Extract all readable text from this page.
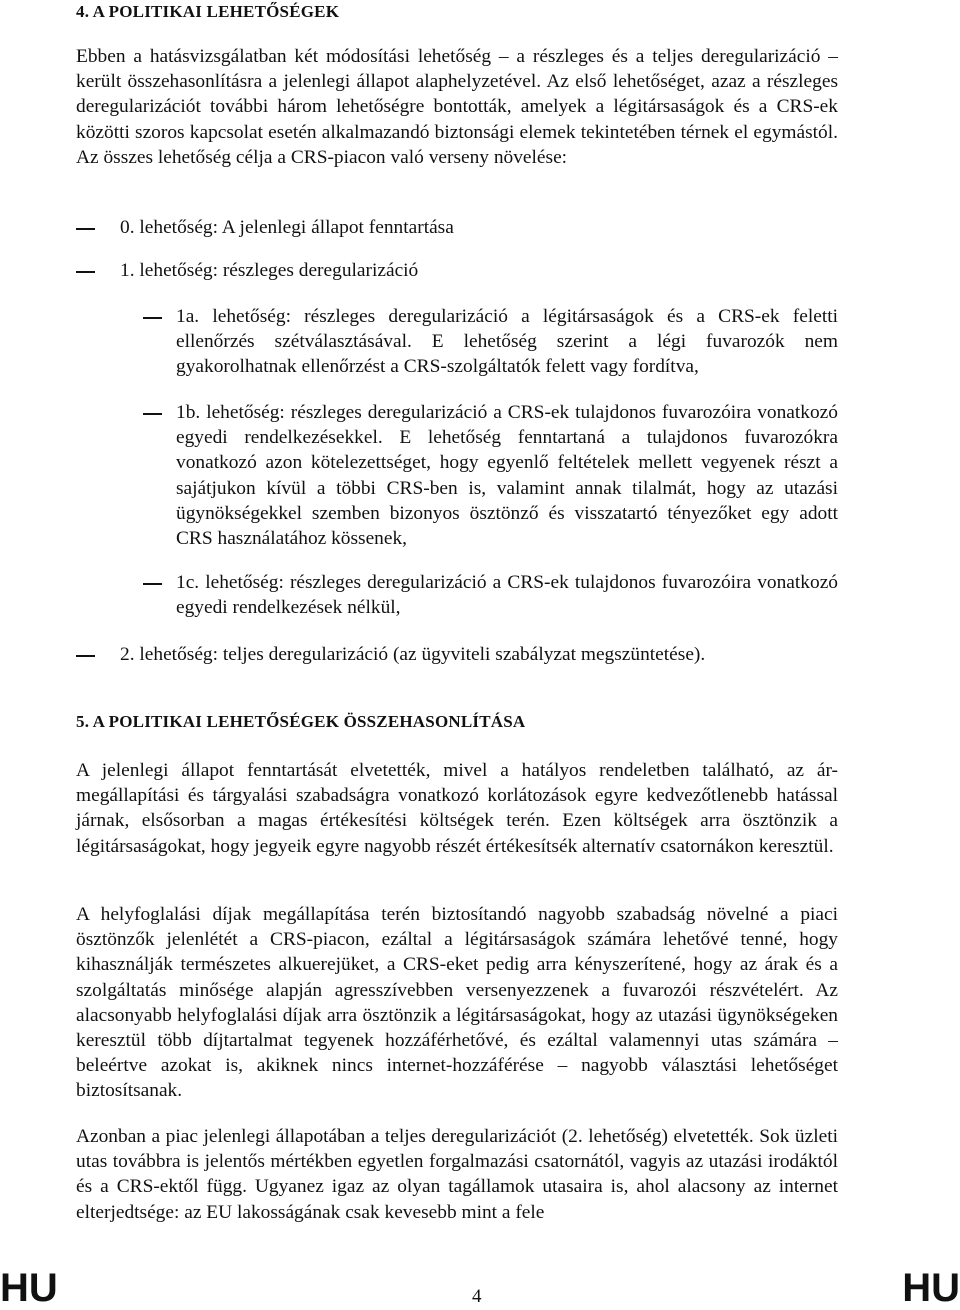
4. A POLITIKAI LEHETŐSÉGEK

Ebben a hatásvizsgálatban két módosítási lehetőség – a részleges és a teljes deregularizáció – került összehasonlításra a jelenlegi állapot alaphelyzetével. Az első lehetőséget, azaz a részleges deregularizációt további három lehetőségre bontották, amelyek a légitársaságok és a CRS-ek közötti szoros kapcsolat esetén alkalmazandó biztonsági elemek tekintetében térnek el egymástól. Az összes lehetőség célja a CRS-piacon való verseny növelése:

0. lehetőség: A jelenlegi állapot fenntartása
1. lehetőség: részleges deregularizáció
1a. lehetőség: részleges deregularizáció a légitársaságok és a CRS-ek feletti ellenőrzés szétválasztásával. E lehetőség szerint a légi fuvarozók nem gyakorolhatnak ellenőrzést a CRS-szolgáltatók felett vagy fordítva,
1b. lehetőség: részleges deregularizáció a CRS-ek tulajdonos fuvarozóira vonatkozó egyedi rendelkezésekkel. E lehetőség fenntartaná a tulajdonos fuvarozókra vonatkozó azon kötelezettséget, hogy egyenlő feltételek mellett vegyenek részt a sajátjukon kívül a többi CRS-ben is, valamint annak tilalmát, hogy az utazási ügynökségekkel szemben bizonyos ösztönző és visszatartó tényezőket egy adott CRS használatához kössenek,
1c. lehetőség: részleges deregularizáció a CRS-ek tulajdonos fuvarozóira vonatkozó egyedi rendelkezések nélkül,
2. lehetőség: teljes deregularizáció (az ügyviteli szabályzat megszüntetése).
5. A POLITIKAI LEHETŐSÉGEK ÖSSZEHASONLÍTÁSA

A jelenlegi állapot fenntartását elvetették, mivel a hatályos rendeletben található, az ár-megállapítási és tárgyalási szabadságra vonatkozó korlátozások egyre kedvezőtlenebb hatással járnak, elsősorban a magas értékesítési költségek terén. Ezen költségek arra ösztönzik a légitársaságokat, hogy jegyeik egyre nagyobb részét értékesítsék alternatív csatornákon keresztül.

A helyfoglalási díjak megállapítása terén biztosítandó nagyobb szabadság növelné a piaci ösztönzők jelenlétét a CRS-piacon, ezáltal a légitársaságok számára lehetővé tenné, hogy kihasználják természetes alkuerejüket, a CRS-eket pedig arra kényszerítené, hogy az árak és a szolgáltatás minősége alapján agresszívebben versenyezzenek a fuvarozói részvételért. Az alacsonyabb helyfoglalási díjak arra ösztönzik a légitársaságokat, hogy az utazási ügynökségeken keresztül több díjtartalmat tegyenek hozzáférhetővé, és ezáltal valamennyi utas számára – beleértve azokat is, akiknek nincs internet-hozzáférése – nagyobb választási lehetőséget biztosítsanak.

Azonban a piac jelenlegi állapotában a teljes deregularizációt (2. lehetőség) elvetették. Sok üzleti utas továbbra is jelentős mértékben egyetlen forgalmazási csatornától, vagyis az utazási irodáktól és a CRS-ektől függ. Ugyanez igaz az olyan tagállamok utasaira is, ahol alacsony az internet elterjedtsége: az EU lakosságának csak kevesebb mint a fele

HU	4	HU
